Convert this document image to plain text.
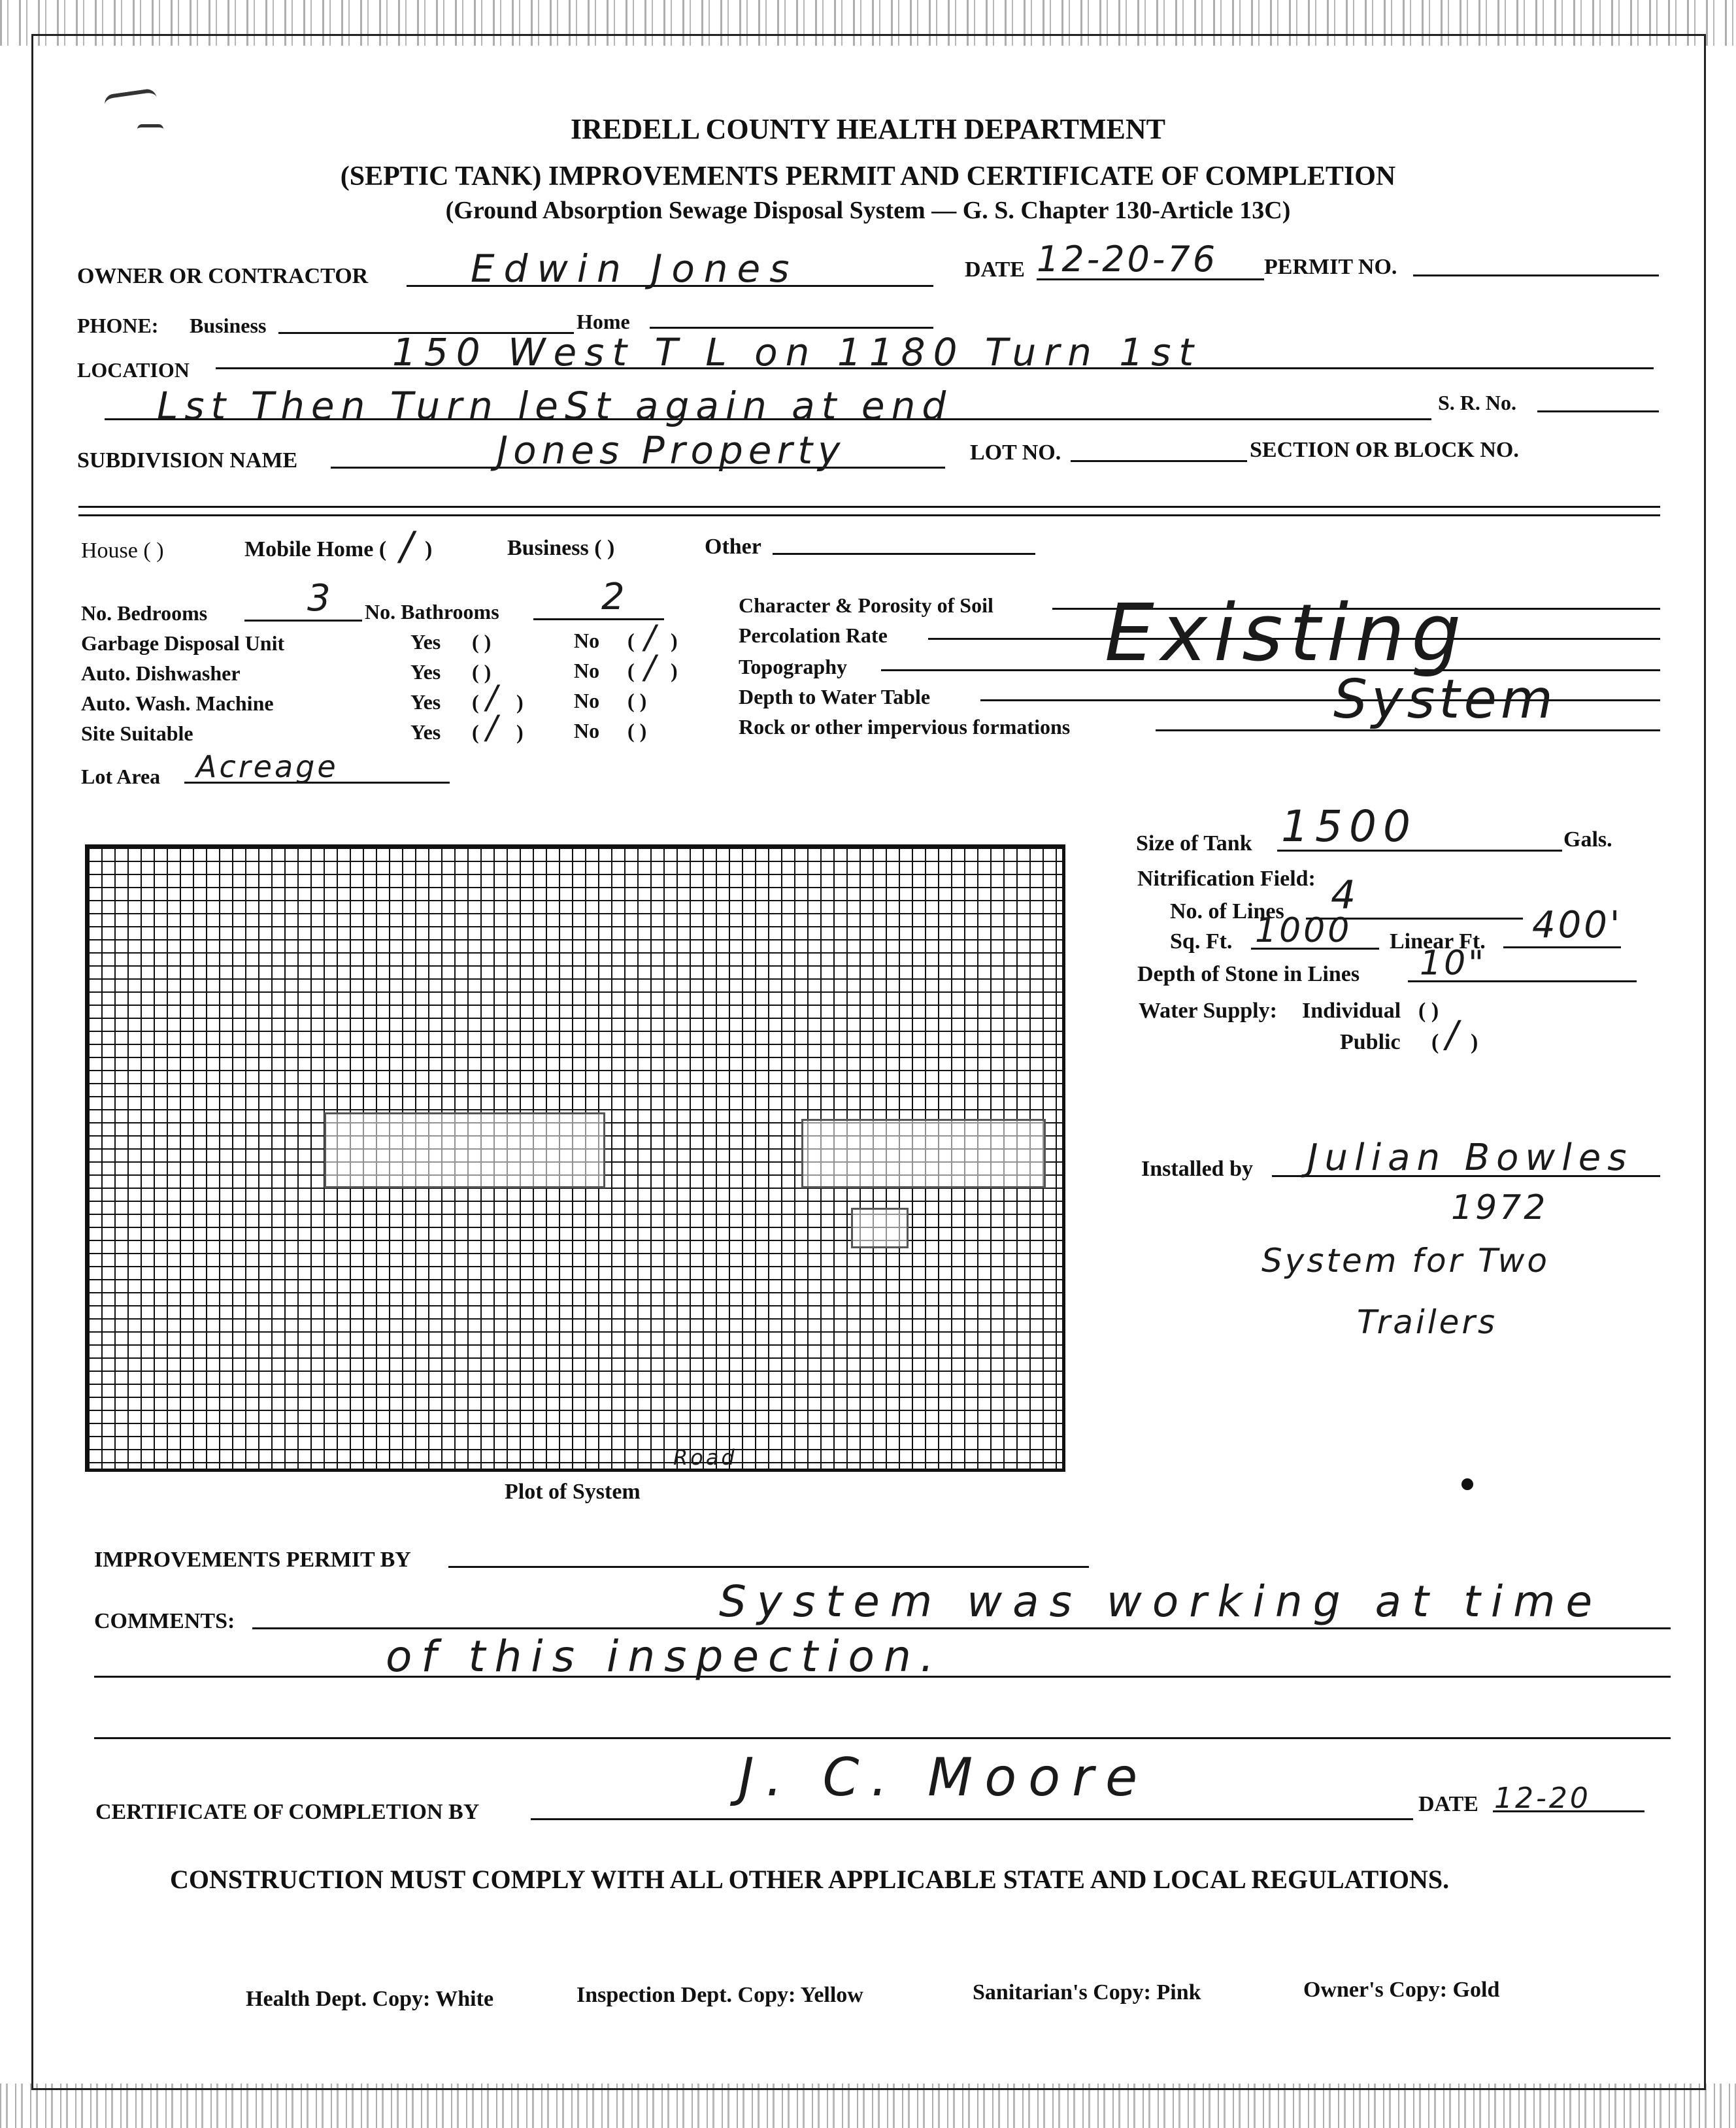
IREDELL COUNTY HEALTH DEPARTMENT
(SEPTIC TANK) IMPROVEMENTS PERMIT AND CERTIFICATE OF COMPLETION
(Ground Absorption Sewage Disposal System — G. S. Chapter 130-Article 13C)
OWNER OR CONTRACTOR	Edwin Jones	DATE 12-20-76 PERMIT NO.
PHONE: Business	Home
LOCATION	150 West T L on 1180 Turn 1st
Lst Then Turn leSt again at end	S. R. No.
SUBDIVISION NAME	Jones Property	LOT NO.	SECTION OR BLOCK NO.
House ( )	Mobile Home ( / )	Business ( )	Other
No. Bedrooms	3 No. Bathrooms	2
Garbage Disposal Unit	Yes ( )	No ( / )
Auto. Dishwasher	Yes ( )	No ( / )
Auto. Wash. Machine	Yes ( / ) No ( )
Site Suitable	Yes ( / ) No ( )
Character & Porosity of Soil
Percolation Rate
Topography
Depth to Water Table
Rock or other impervious formations
Existing
System
Lot Area Acreage
Plot of System
Road
Size of Tank 1500	Gals.
Nitrification Field:
No. of Lines 4
Sq. Ft. 1000 Linear Ft. 400'
Depth of Stone in Lines 10"
Water Supply: Individual ( )
Public ( / )
Installed by Julian Bowles
1972
System for Two
Trailers
IMPROVEMENTS PERMIT BY
COMMENTS:	System was working at time
of this inspection.
CERTIFICATE OF COMPLETION BY
J. C. Moore	DATE 12-20
CONSTRUCTION MUST COMPLY WITH ALL OTHER APPLICABLE STATE AND LOCAL REGULATIONS.
Health Dept. Copy: White	Inspection Dept. Copy: Yellow	Sanitarian's Copy: Pink	Owner's Copy: Gold
